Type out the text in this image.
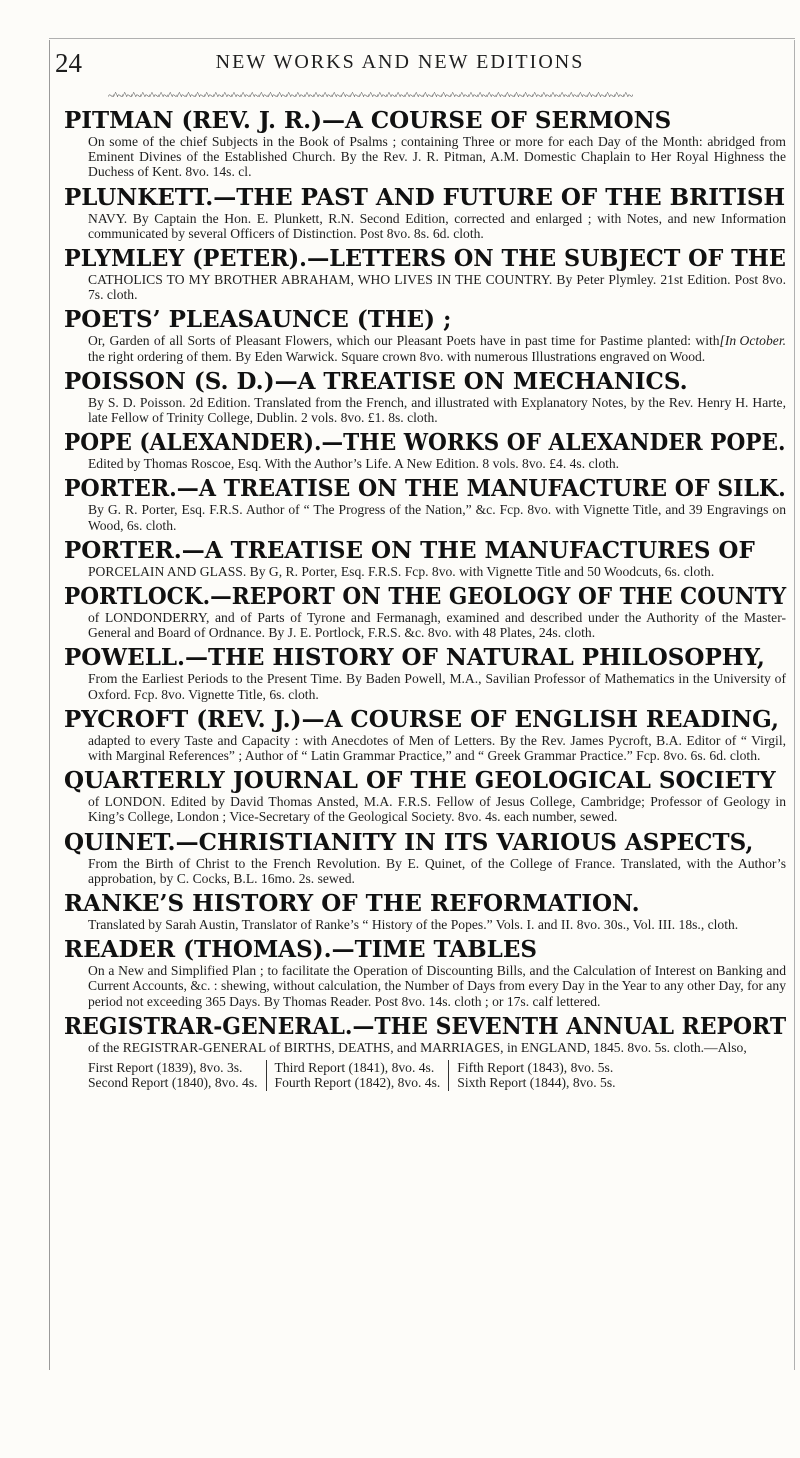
24	NEW WORKS AND NEW EDITIONS
~^~^~^~^~^~^~^~^~^~^~^~^~^~^~^~^~^~^~^~^~^~^~^~^~^~^~^~^~^~^~^~^~^~^~^~^~^~^~^~^~^~^~^~^~^~^~^~^~^~^~^~^~^~^~^~^~^~
PITMAN (REV. J. R.)—A COURSE OF SERMONS
On some of the chief Subjects in the Book of Psalms ; containing Three or more for each Day of the Month: abridged from Eminent Divines of the Established Church. By the Rev. J. R. Pitman, A.M. Domestic Chaplain to Her Royal Highness the Duchess of Kent. 8vo. 14s. cl.
PLUNKETT.—THE PAST AND FUTURE OF THE BRITISH
NAVY. By Captain the Hon. E. Plunkett, R.N. Second Edition, corrected and enlarged ; with Notes, and new Information communicated by several Officers of Distinction. Post 8vo. 8s. 6d. cloth.
PLYMLEY (PETER).—LETTERS ON THE SUBJECT OF THE
CATHOLICS TO MY BROTHER ABRAHAM, WHO LIVES IN THE COUNTRY. By Peter Plymley. 21st Edition. Post 8vo. 7s. cloth.
POETS’ PLEASAUNCE (THE) ;
[In October.
Or, Garden of all Sorts of Pleasant Flowers, which our Pleasant Poets have in past time for Pastime planted: with the right ordering of them. By Eden Warwick. Square crown 8vo. with numerous Illustrations engraved on Wood.
POISSON (S. D.)—A TREATISE ON MECHANICS.
By S. D. Poisson. 2d Edition. Translated from the French, and illustrated with Explanatory Notes, by the Rev. Henry H. Harte, late Fellow of Trinity College, Dublin. 2 vols. 8vo. £1. 8s. cloth.
POPE (ALEXANDER).—THE WORKS OF ALEXANDER POPE.
Edited by Thomas Roscoe, Esq. With the Author’s Life. A New Edition. 8 vols. 8vo. £4. 4s. cloth.
PORTER.—A TREATISE ON THE MANUFACTURE OF SILK.
By G. R. Porter, Esq. F.R.S. Author of “ The Progress of the Nation,” &c. Fcp. 8vo. with Vignette Title, and 39 Engravings on Wood, 6s. cloth.
PORTER.—A TREATISE ON THE MANUFACTURES OF
PORCELAIN AND GLASS. By G, R. Porter, Esq. F.R.S. Fcp. 8vo. with Vignette Title and 50 Woodcuts, 6s. cloth.
PORTLOCK.—REPORT ON THE GEOLOGY OF THE COUNTY
of LONDONDERRY, and of Parts of Tyrone and Fermanagh, examined and described under the Authority of the Master-General and Board of Ordnance. By J. E. Portlock, F.R.S. &c. 8vo. with 48 Plates, 24s. cloth.
POWELL.—THE HISTORY OF NATURAL PHILOSOPHY,
From the Earliest Periods to the Present Time. By Baden Powell, M.A., Savilian Professor of Mathematics in the University of Oxford. Fcp. 8vo. Vignette Title, 6s. cloth.
PYCROFT (REV. J.)—A COURSE OF ENGLISH READING,
adapted to every Taste and Capacity : with Anecdotes of Men of Letters. By the Rev. James Pycroft, B.A. Editor of “ Virgil, with Marginal References” ; Author of “ Latin Grammar Practice,” and “ Greek Grammar Practice.” Fcp. 8vo. 6s. 6d. cloth.
QUARTERLY JOURNAL OF THE GEOLOGICAL SOCIETY
of LONDON. Edited by David Thomas Ansted, M.A. F.R.S. Fellow of Jesus College, Cambridge; Professor of Geology in King’s College, London ; Vice-Secretary of the Geological Society. 8vo. 4s. each number, sewed.
QUINET.—CHRISTIANITY IN ITS VARIOUS ASPECTS,
From the Birth of Christ to the French Revolution. By E. Quinet, of the College of France. Translated, with the Author’s approbation, by C. Cocks, B.L. 16mo. 2s. sewed.
RANKE’S HISTORY OF THE REFORMATION.
Translated by Sarah Austin, Translator of Ranke’s “ History of the Popes.” Vols. I. and II. 8vo. 30s., Vol. III. 18s., cloth.
READER (THOMAS).—TIME TABLES
On a New and Simplified Plan ; to facilitate the Operation of Discounting Bills, and the Calculation of Interest on Banking and Current Accounts, &c. : shewing, without calculation, the Number of Days from every Day in the Year to any other Day, for any period not exceeding 365 Days. By Thomas Reader. Post 8vo. 14s. cloth ; or 17s. calf lettered.
REGISTRAR-GENERAL.—THE SEVENTH ANNUAL REPORT
of the REGISTRAR-GENERAL of BIRTHS, DEATHS, and MARRIAGES, in ENGLAND, 1845. 8vo. 5s. cloth.—Also,
First Report (1839), 8vo. 3s.
Second Report (1840), 8vo. 4s.
Third Report (1841), 8vo. 4s.
Fourth Report (1842), 8vo. 4s.
Fifth Report (1843), 8vo. 5s.
Sixth Report (1844), 8vo. 5s.
